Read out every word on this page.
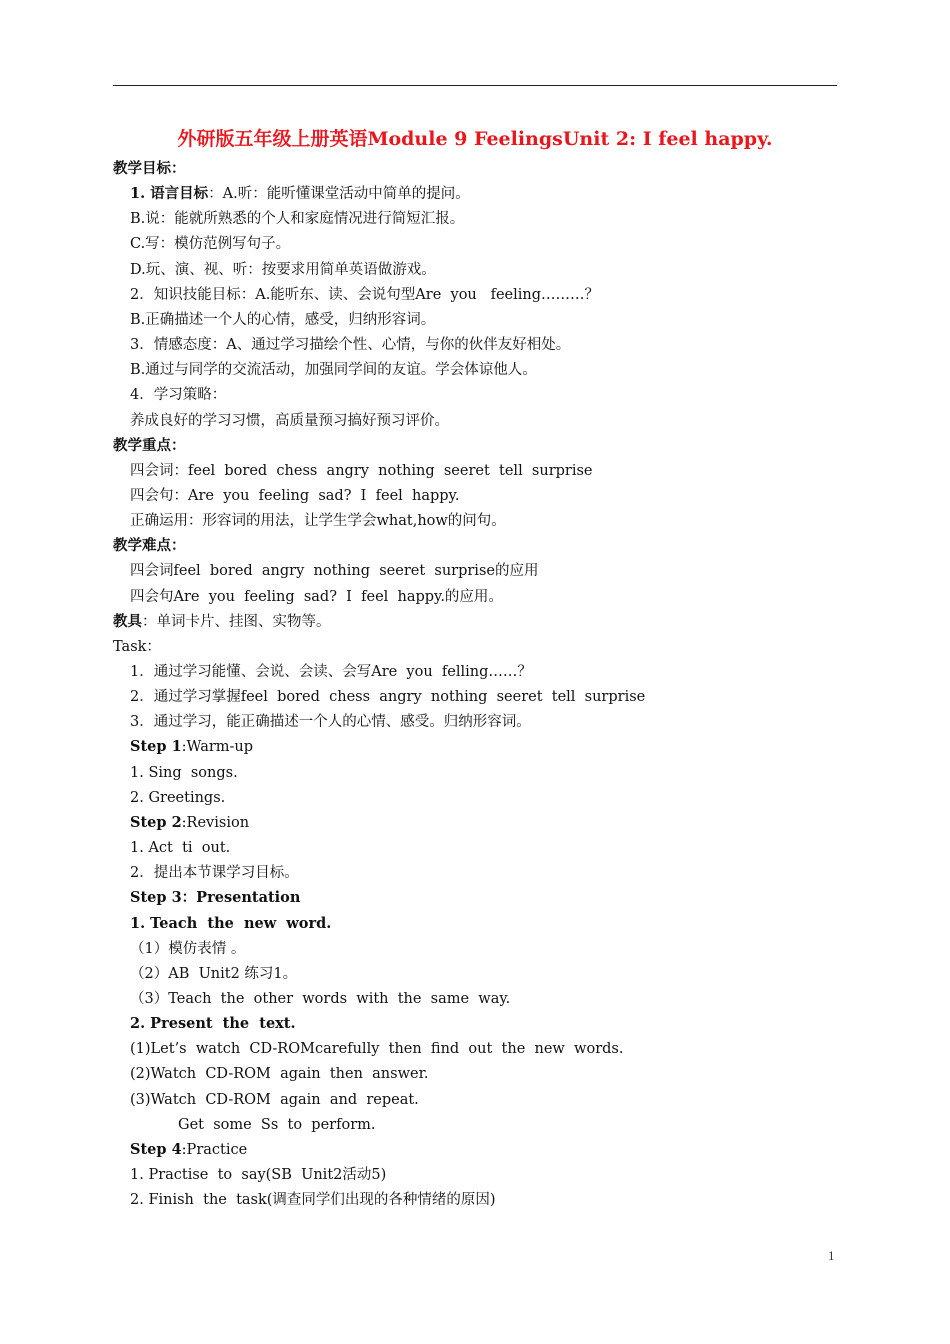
外研版五年级上册英语Module 9 FeelingsUnit 2: I feel happy.
教学目标：
1. 语言目标：A.听：能听懂课堂活动中简单的提问。
B.说：能就所熟悉的个人和家庭情况进行简短汇报。
C.写：模仿范例写句子。
D.玩、演、视、听：按要求用简单英语做游戏。
2．知识技能目标：A.能听东、读、会说句型Are  you   feeling………？
B.正确描述一个人的心情，感受，归纳形容词。
3．情感态度：A、通过学习描绘个性、心情，与你的伙伴友好相处。
B.通过与同学的交流活动，加强同学间的友谊。学会体谅他人。
4．学习策略：
养成良好的学习习惯，高质量预习搞好预习评价。
教学重点：
四会词：feel  bored  chess  angry  nothing  seeret  tell  surprise
四会句：Are  you  feeling  sad?  I  feel  happy.
正确运用：形容词的用法，让学生学会what,how的问句。
教学难点：
四会词feel  bored  angry  nothing  seeret  surprise的应用
四会句Are  you  feeling  sad?  I  feel  happy.的应用。
教具：单词卡片、挂图、实物等。
Task：
1．通过学习能懂、会说、会读、会写Are  you  felling……？
2．通过学习掌握feel  bored  chess  angry  nothing  seeret  tell  surprise
3．通过学习，能正确描述一个人的心情、感受。归纳形容词。
Step 1:Warm-up
1. Sing  songs.
2. Greetings.
Step 2:Revision
1. Act  ti  out.
2．提出本节课学习目标。
Step 3：Presentation
1. Teach  the  new  word.
（1）模仿表情 。
（2）AB  Unit2 练习1。
（3）Teach  the  other  words  with  the  same  way.
2. Present  the  text.
(1)Let’s  watch  CD-ROMcarefully  then  find  out  the  new  words.
(2)Watch  CD-ROM  again  then  answer.
(3)Watch  CD-ROM  again  and  repeat.
Get  some  Ss  to  perform.
Step 4:Practice
1. Practise  to  say(SB  Unit2活动5)
2. Finish  the  task(调查同学们出现的各种情绪的原因)
1
